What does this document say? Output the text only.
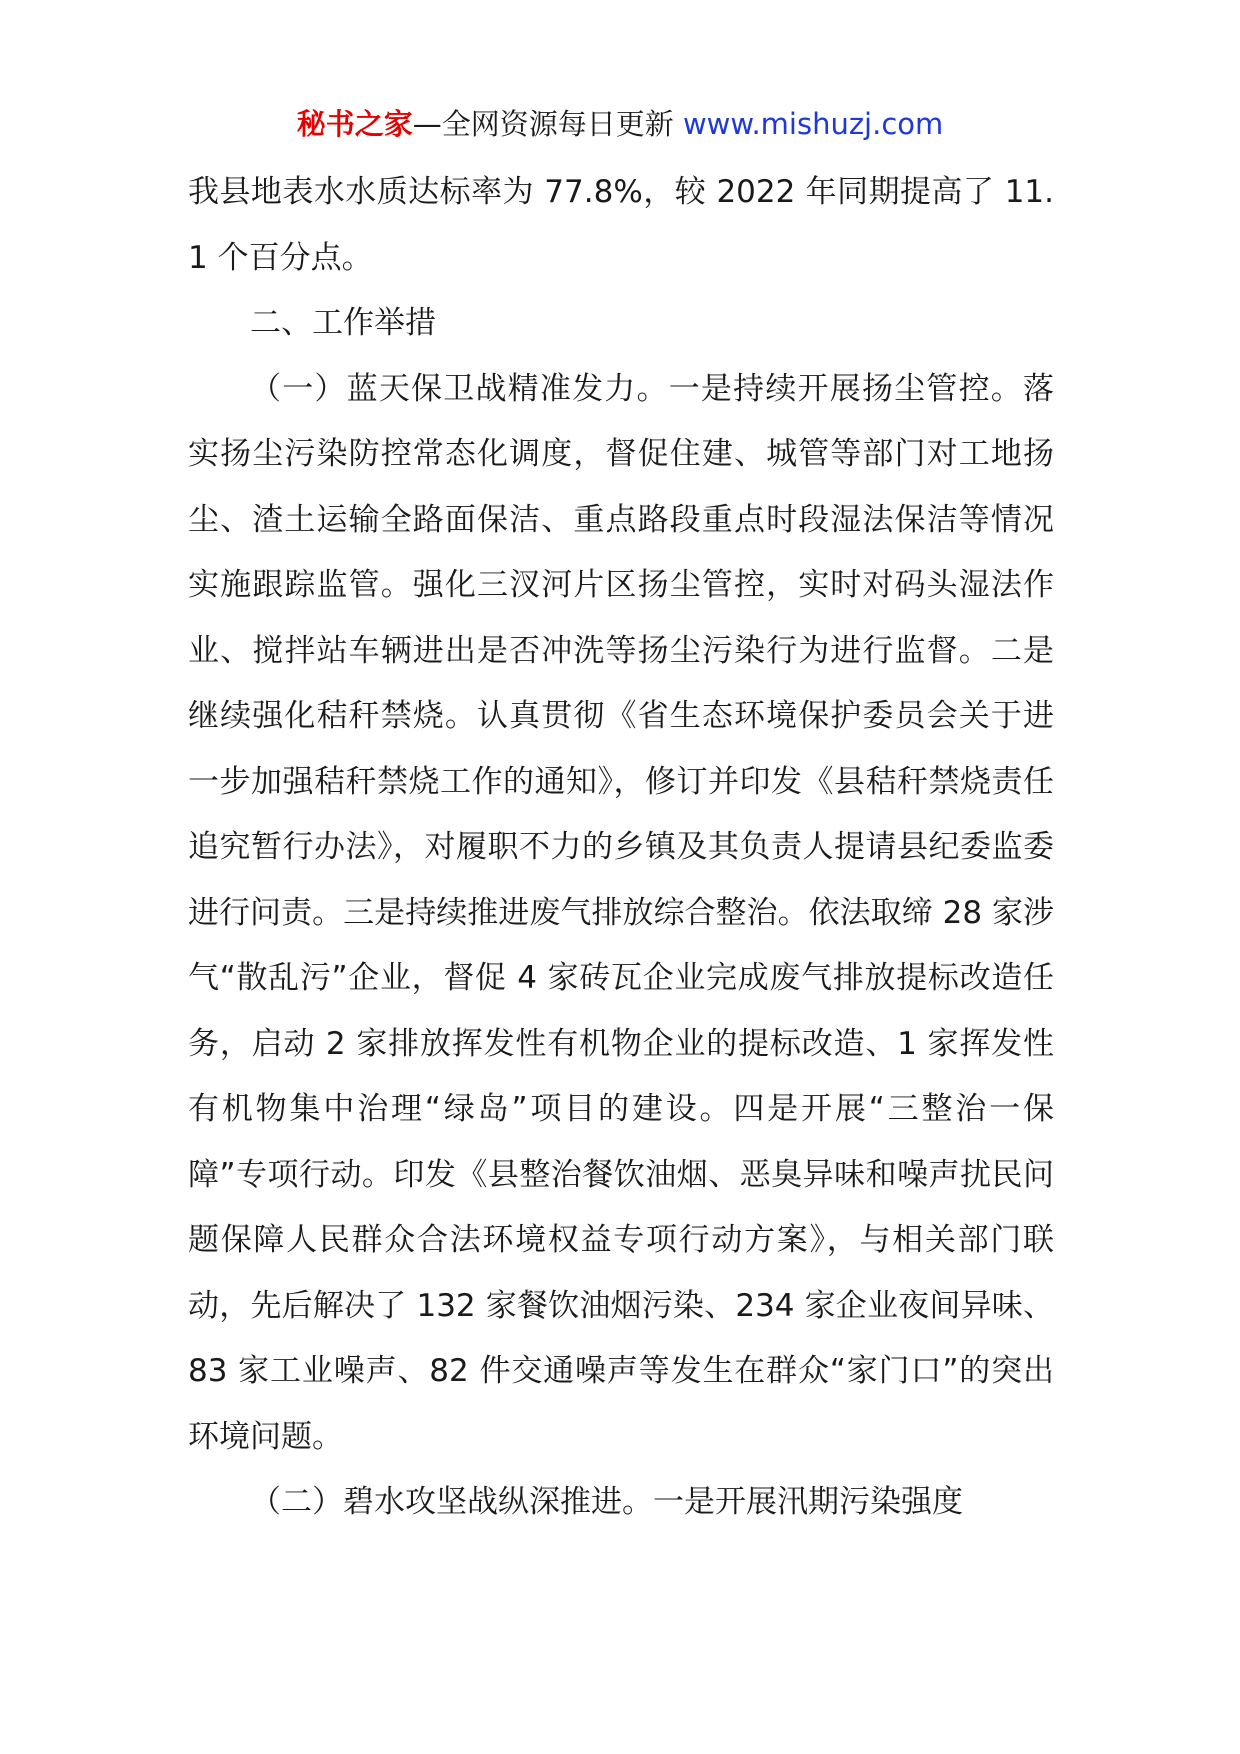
秘书之家—全网资源每日更新 www.mishuzj.com

我县地表水水质达标率为 77.8%，较 2022 年同期提高了 11.1 个百分点。

二、工作举措

（一）蓝天保卫战精准发力。一是持续开展扬尘管控。落实扬尘污染防控常态化调度，督促住建、城管等部门对工地扬尘、渣土运输全路面保洁、重点路段重点时段湿法保洁等情况实施跟踪监管。强化三汊河片区扬尘管控，实时对码头湿法作业、搅拌站车辆进出是否冲洗等扬尘污染行为进行监督。二是继续强化秸秆禁烧。认真贯彻《省生态环境保护委员会关于进一步加强秸秆禁烧工作的通知》，修订并印发《县秸秆禁烧责任追究暂行办法》，对履职不力的乡镇及其负责人提请县纪委监委进行问责。三是持续推进废气排放综合整治。依法取缔 28 家涉气“散乱污”企业，督促 4 家砖瓦企业完成废气排放提标改造任务，启动 2 家排放挥发性有机物企业的提标改造、1 家挥发性有机物集中治理“绿岛”项目的建设。四是开展“三整治一保障”专项行动。印发《县整治餐饮油烟、恶臭异味和噪声扰民问题保障人民群众合法环境权益专项行动方案》，与相关部门联动，先后解决了 132 家餐饮油烟污染、234 家企业夜间异味、83 家工业噪声、82 件交通噪声等发生在群众“家门口”的突出环境问题。

（二）碧水攻坚战纵深推进。一是开展汛期污染强度
